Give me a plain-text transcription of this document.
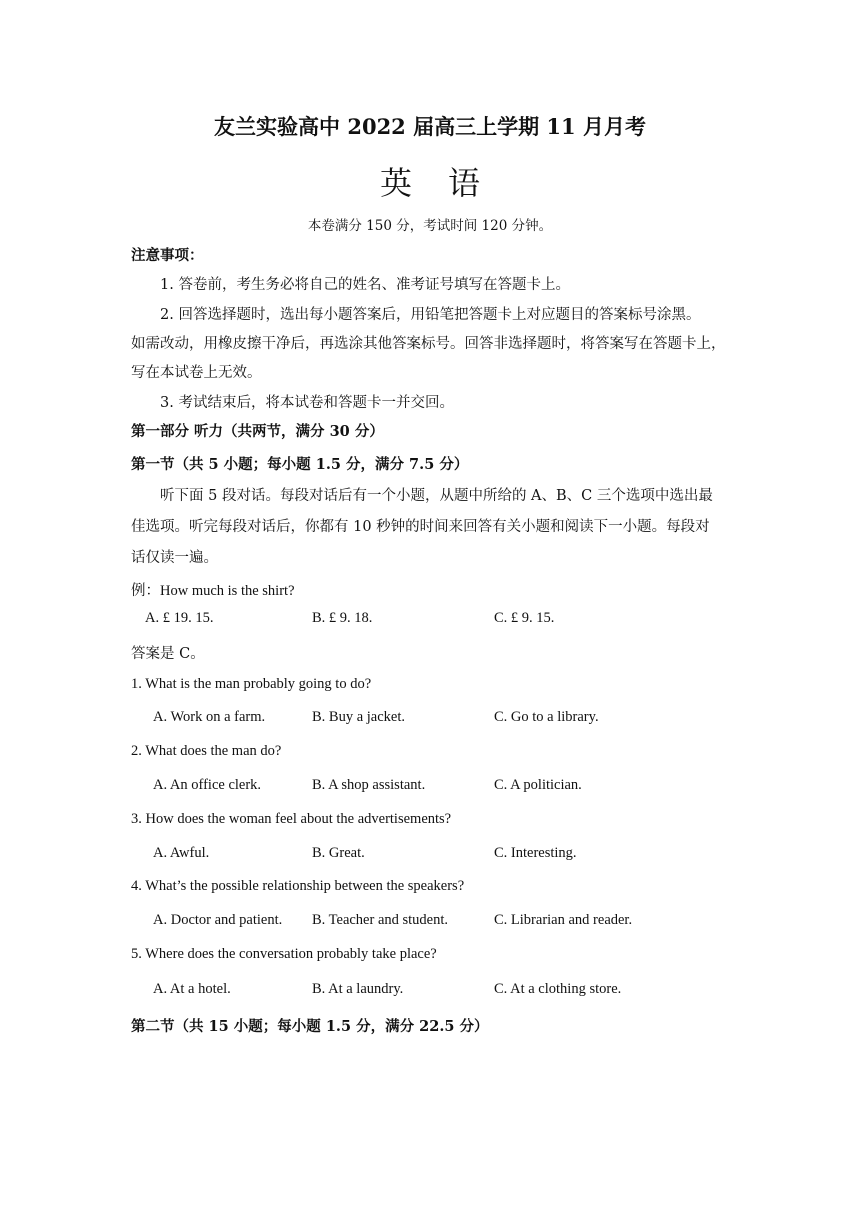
友兰实验高中 2022 届高三上学期 11 月月考
英语
本卷满分 150 分，考试时间 120 分钟。
注意事项：
1. 答卷前，考生务必将自己的姓名、准考证号填写在答题卡上。
2. 回答选择题时，选出每小题答案后，用铅笔把答题卡上对应题目的答案标号涂黑。
如需改动，用橡皮擦干净后，再选涂其他答案标号。回答非选择题时，将答案写在答题卡上，
写在本试卷上无效。
3. 考试结束后，将本试卷和答题卡一并交回。
第一部分 听力（共两节，满分 30 分）
第一节（共 5 小题；每小题 1.5 分，满分 7.5 分）
听下面 5 段对话。每段对话后有一个小题，从题中所给的 A、B、C 三个选项中选出最
佳选项。听完每段对话后，你都有 10 秒钟的时间来回答有关小题和阅读下一小题。每段对
话仅读一遍。
例：How much is the shirt?
A. £ 19. 15.	B. £ 9. 18.	C. £ 9. 15.
答案是 C。
1. What is the man probably going to do?
A. Work on a farm.	B. Buy a jacket.	C. Go to a library.
2. What does the man do?
A. An office clerk.	B. A shop assistant.	C. A politician.
3. How does the woman feel about the advertisements?
A. Awful.	B. Great.	C. Interesting.
4. What’s the possible relationship between the speakers?
A. Doctor and patient. B. Teacher and student.	C. Librarian and reader.
5. Where does the conversation probably take place?
A. At a hotel.	B. At a laundry.	C. At a clothing store.
第二节（共 15 小题；每小题 1.5 分，满分 22.5 分）
